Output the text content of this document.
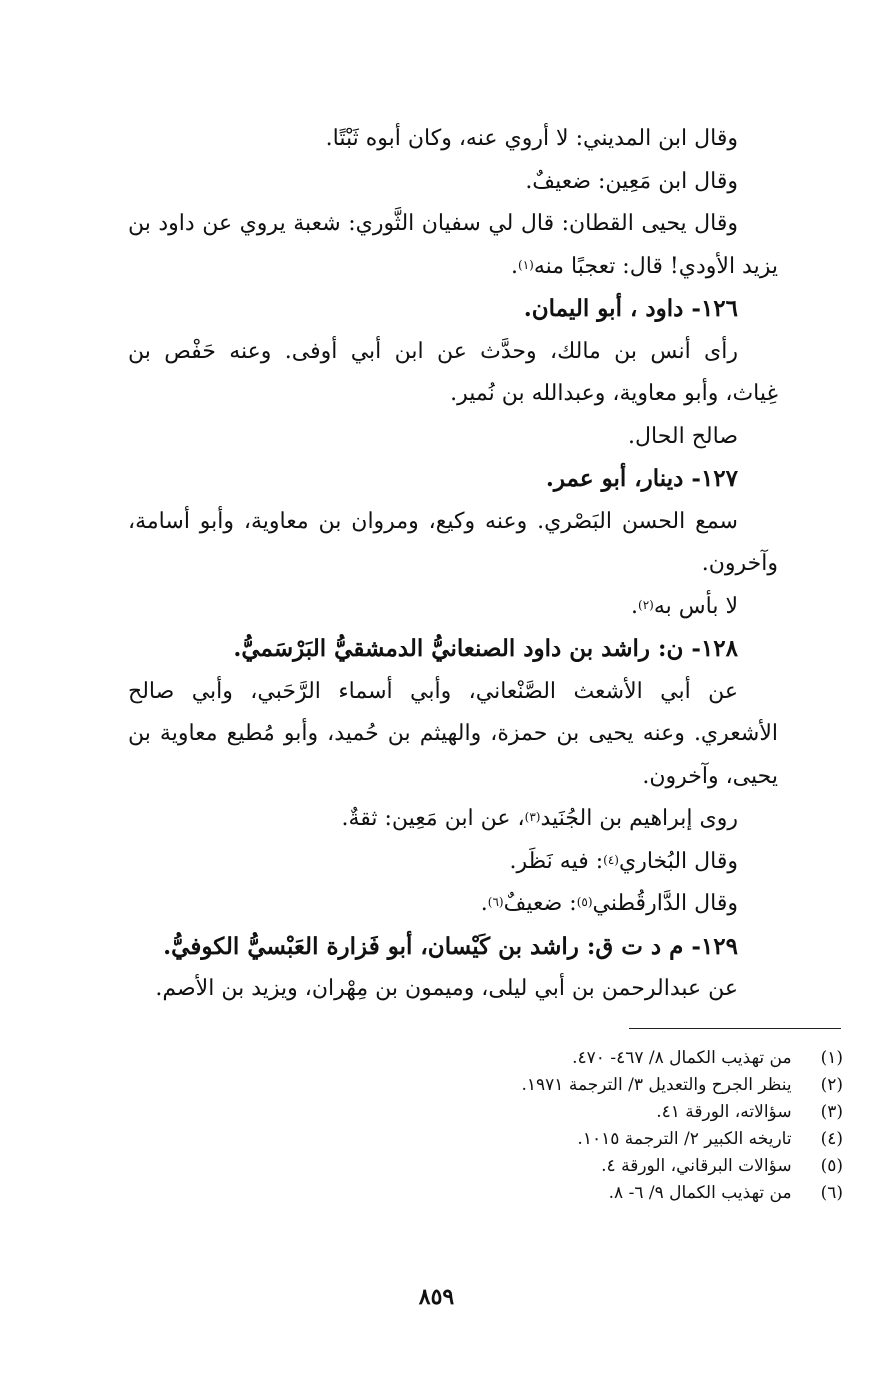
وقال ابن المديني: لا أروي عنه، وكان أبوه ثَبْتًا.
وقال ابن مَعِين: ضعيفٌ.
وقال يحيى القطان: قال لي سفيان الثَّوري: شعبة يروي عن داود بن
يزيد الأودي! قال: تعجبًا منه$^{(١)}$.
١٢٦- داود ، أبو اليمان.
رأى أنس بن مالك، وحدَّث عن ابن أبي أوفى. وعنه حَفْص بن
غِياث، وأبو معاوية، وعبدالله بن نُمير.
صالح الحال.
١٢٧- دينار، أبو عمر.
سمع الحسن البَصْري. وعنه وكيع، ومروان بن معاوية، وأبو أسامة،
وآخرون.
لا بأس به$^{(٢)}$.
١٢٨- ن: راشد بن داود الصنعانيُّ الدمشقيُّ البَرْسَميُّ.
عن أبي الأشعث الصَّنْعاني، وأبي أسماء الرَّحَبي، وأبي صالح
الأشعري. وعنه يحيى بن حمزة، والهيثم بن حُميد، وأبو مُطيع معاوية بن
يحيى، وآخرون.
روى إبراهيم بن الجُنَيد$^{(٣)}$، عن ابن مَعِين: ثقةٌ.
وقال البُخاري$^{(٤)}$: فيه نَظَر.
وقال الدَّارقُطني$^{(٥)}$: ضعيفٌ$^{(٦)}$.
١٢٩- م د ت ق: راشد بن كَيْسان، أبو فَزارة العَبْسيُّ الكوفيُّ.
عن عبدالرحمن بن أبي ليلى، وميمون بن مِهْران، ويزيد بن الأصم.
(١) من تهذيب الكمال ٨/ ٤٦٧- ٤٧٠.
(٢) ينظر الجرح والتعديل ٣/ الترجمة ١٩٧١.
(٣) سؤالاته، الورقة ٤١.
(٤) تاريخه الكبير ٢/ الترجمة ١٠١٥.
(٥) سؤالات البرقاني، الورقة ٤.
(٦) من تهذيب الكمال ٩/ ٦- ٨.
٨٥٩
